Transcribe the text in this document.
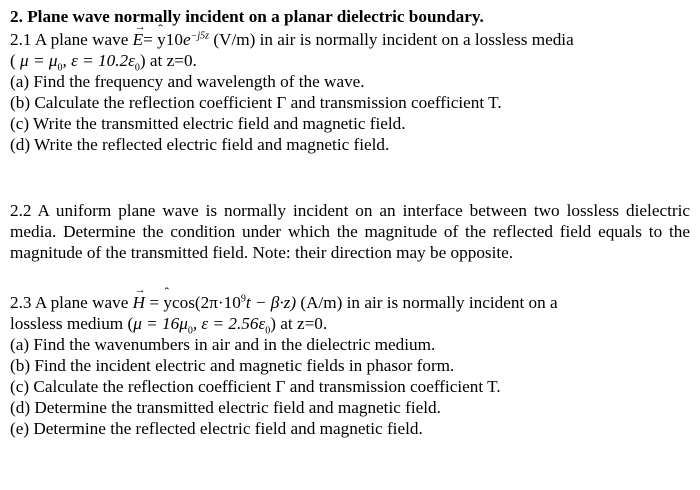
2. Plane wave normally incident on a planar dielectric boundary.

2.1 A plane wave → E= ˆ $y10e^{-j5z}$ (V/m) in air is normally incident on a lossless media

( $\mu = \mu_0$, $\varepsilon = 10.2\varepsilon_0$) at z=0.

(a) Find the frequency and wavelength of the wave.

(b) Calculate the reflection coefficient Γ and transmission coefficient T.

(c) Write the transmitted electric field and magnetic field.

(d) Write the reflected electric field and magnetic field.

2.2 A uniform plane wave is normally incident on an interface between two lossless dielectric media. Determine the condition under which the magnitude of the reflected field equals to the magnitude of the transmitted field. Note: their direction may be opposite.

2.3 A plane wave → H = ˆ $ycos(2\pi\cdot 10^9t - \beta\cdot z)$ (A/m) in air is normally incident on a

lossless medium ($\mu = 16\mu_0$, $\varepsilon = 2.56\varepsilon_0$) at z=0.

(a) Find the wavenumbers in air and in the dielectric medium.

(b) Find the incident electric and magnetic fields in phasor form.

(c) Calculate the reflection coefficient Γ and transmission coefficient T.

(d) Determine the transmitted electric field and magnetic field.

(e) Determine the reflected electric field and magnetic field.
